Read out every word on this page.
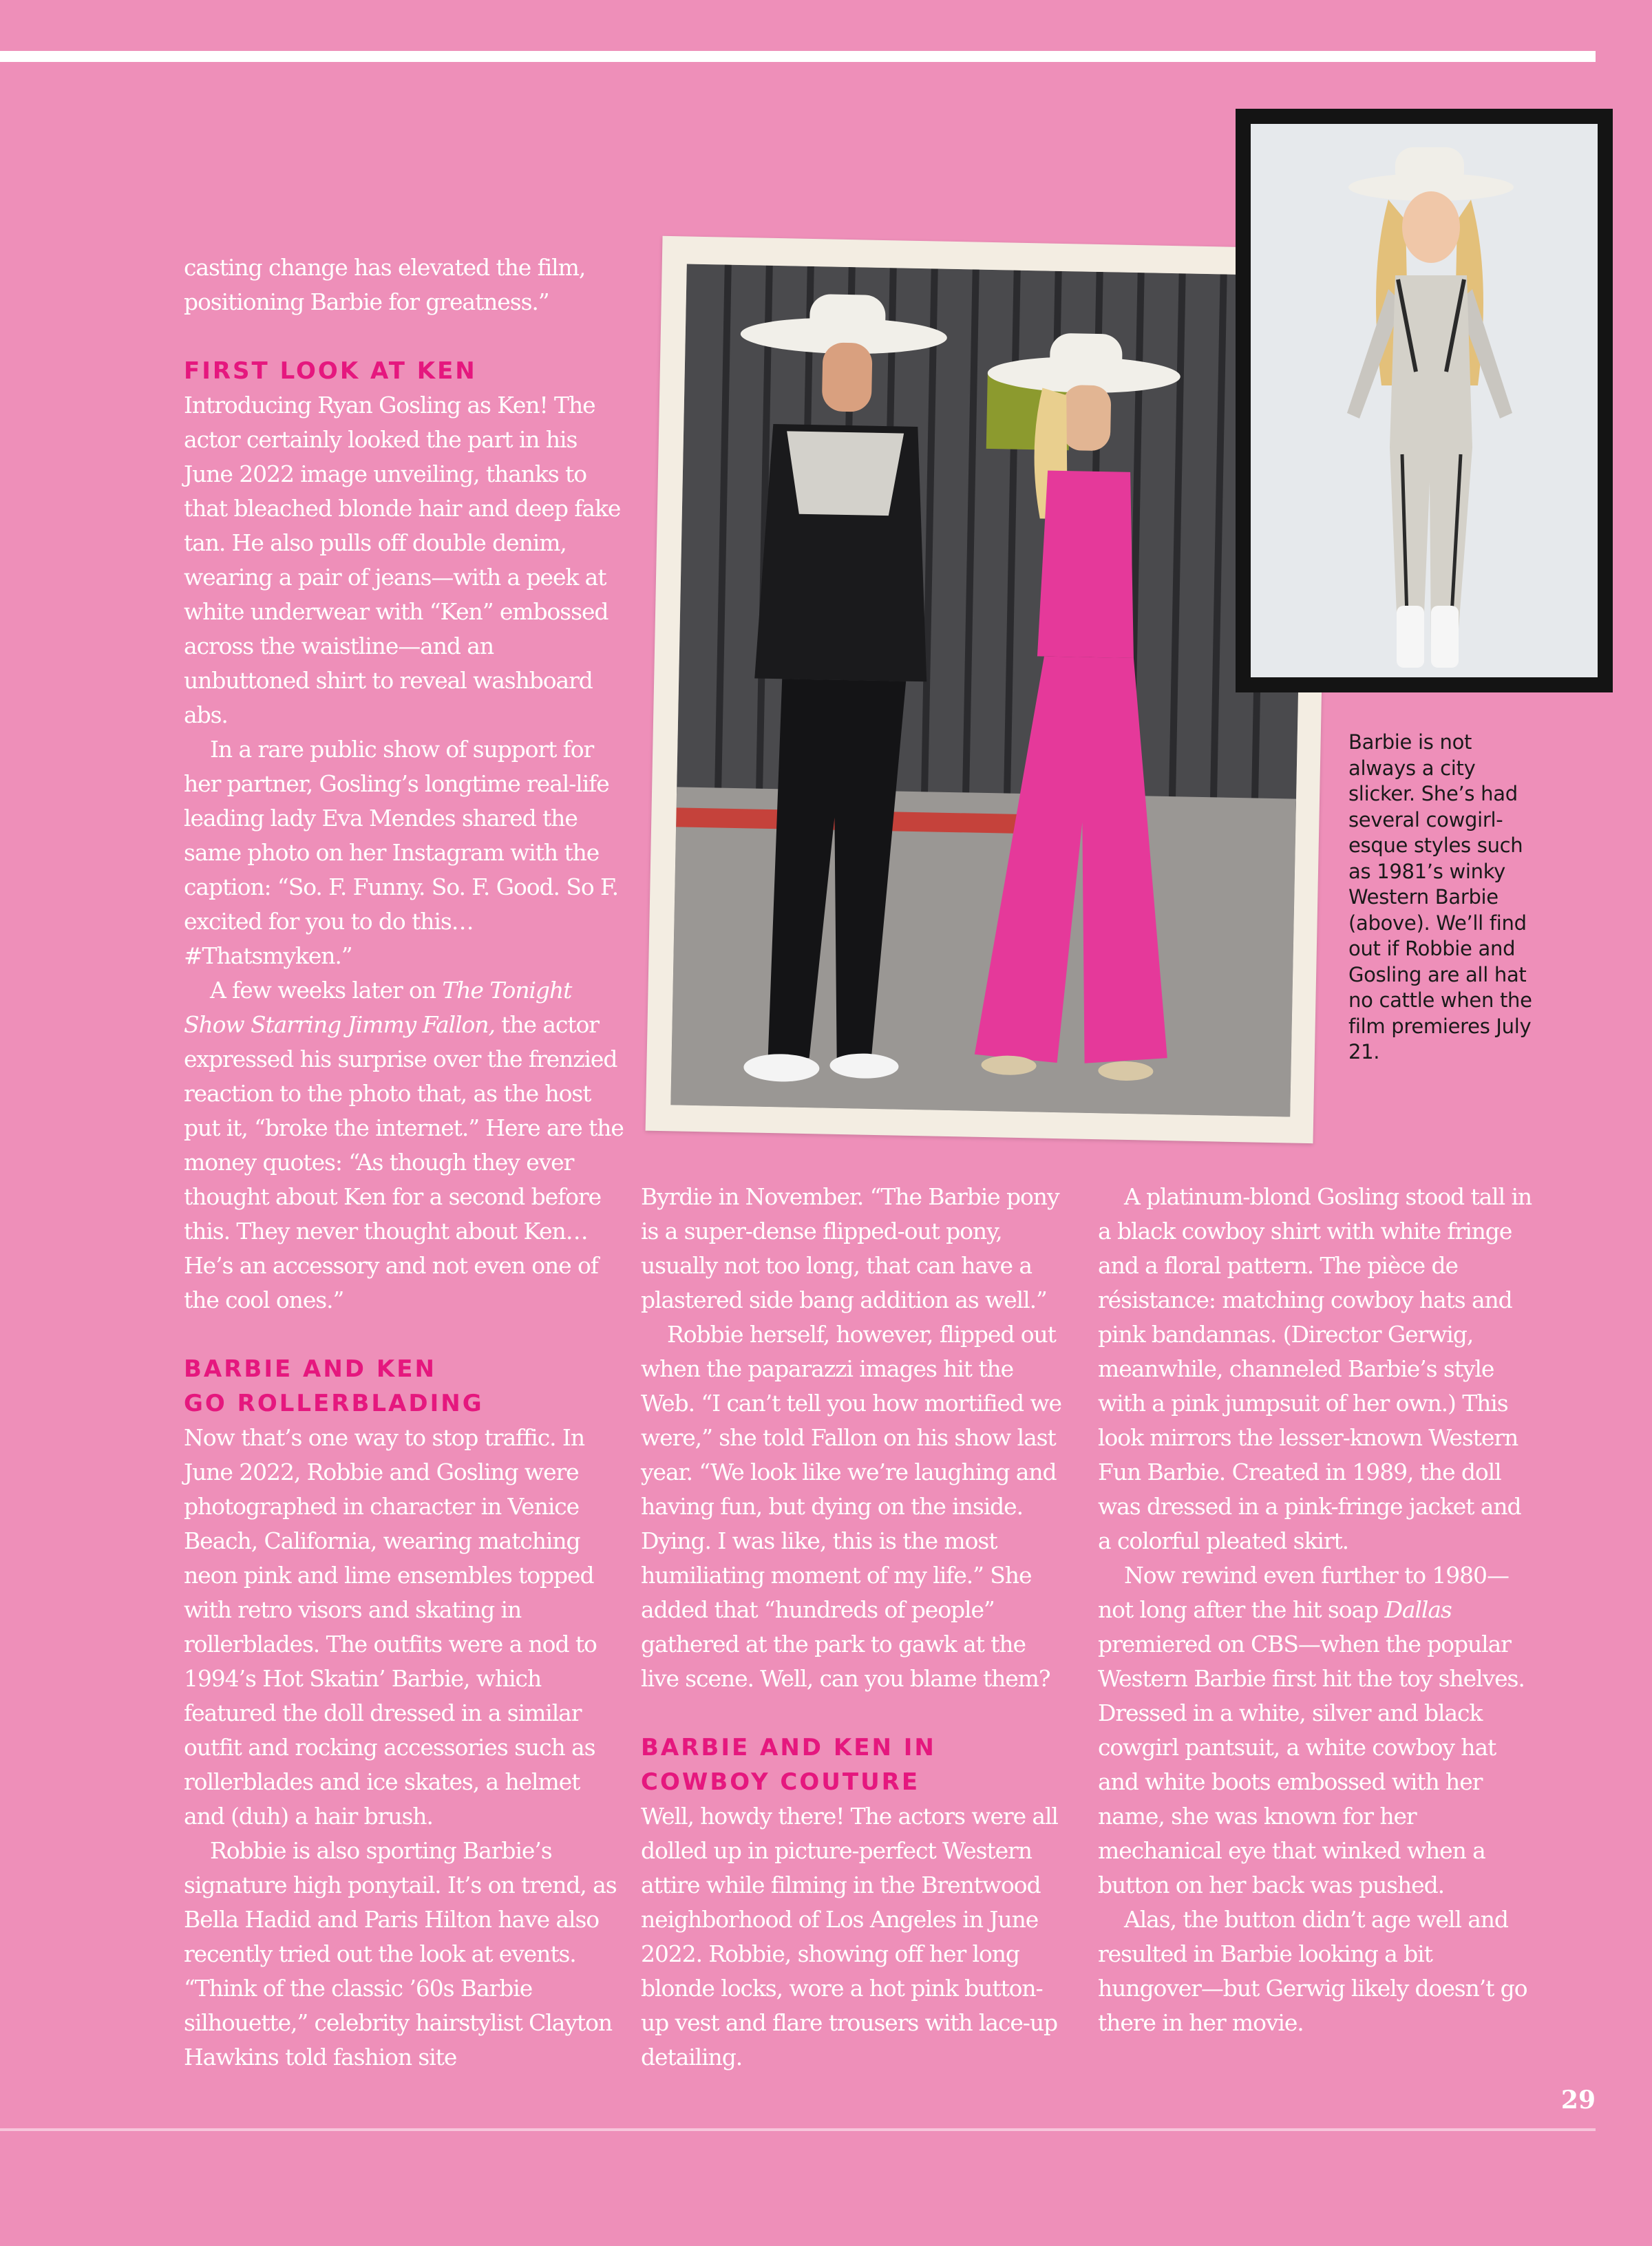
casting change has elevated the film, positioning Barbie for greatness.”

FIRST LOOK AT KEN

Introducing Ryan Gosling as Ken! The actor certainly looked the part in his June 2022 image unveiling, thanks to that bleached blonde hair and deep fake tan. He also pulls off double denim, wearing a pair of jeans—with a peek at white underwear with “Ken” embossed across the waistline—and an unbuttoned shirt to reveal washboard abs.

In a rare public show of support for her partner, Gosling’s longtime real-life leading lady Eva Mendes shared the same photo on her Instagram with the caption: “So. F. Funny. So. F. Good. So F. excited for you to do this… #Thatsmyken.”

A few weeks later on The Tonight Show Starring Jimmy Fallon, the actor expressed his surprise over the frenzied reaction to the photo that, as the host put it, “broke the internet.” Here are the money quotes: “As though they ever thought about Ken for a second before this. They never thought about Ken…He’s an accessory and not even one of the cool ones.”

BARBIE AND KEN
GO ROLLERBLADING

Now that’s one way to stop traffic. In June 2022, Robbie and Gosling were photographed in character in Venice Beach, California, wearing matching neon pink and lime ensembles topped with retro visors and skating in rollerblades. The outfits were a nod to 1994’s Hot Skatin’ Barbie, which featured the doll dressed in a similar outfit and rocking accessories such as rollerblades and ice skates, a helmet and (duh) a hair brush.

Robbie is also sporting Barbie’s signature high ponytail. It’s on trend, as Bella Hadid and Paris Hilton have also recently tried out the look at events. “Think of the classic ’60s Barbie silhouette,” celebrity hairstylist Clayton Hawkins told fashion site

Byrdie in November. “The Barbie pony is a super-dense flipped-out pony, usually not too long, that can have a plastered side bang addition as well.”

Robbie herself, however, flipped out when the paparazzi images hit the Web. “I can’t tell you how mortified we were,” she told Fallon on his show last year. “We look like we’re laughing and having fun, but dying on the inside. Dying. I was like, this is the most humiliating moment of my life.” She added that “hundreds of people” gathered at the park to gawk at the live scene. Well, can you blame them?

BARBIE AND KEN IN
COWBOY COUTURE

Well, howdy there! The actors were all dolled up in picture-perfect Western attire while filming in the Brentwood neighborhood of Los Angeles in June 2022. Robbie, showing off her long blonde locks, wore a hot pink button-up vest and flare trousers with lace-up detailing.

A platinum-blond Gosling stood tall in a black cowboy shirt with white fringe and a floral pattern. The pièce de résistance: matching cowboy hats and pink bandannas. (Director Gerwig, meanwhile, channeled Barbie’s style with a pink jumpsuit of her own.) This look mirrors the lesser-known Western Fun Barbie. Created in 1989, the doll was dressed in a pink-fringe jacket and a colorful pleated skirt.

Now rewind even further to 1980—not long after the hit soap Dallas premiered on CBS—when the popular Western Barbie first hit the toy shelves. Dressed in a white, silver and black cowgirl pantsuit, a white cowboy hat and white boots embossed with her name, she was known for her mechanical eye that winked when a button on her back was pushed.

Alas, the button didn’t age well and resulted in Barbie looking a bit hungover—but Gerwig likely doesn’t go there in her movie.

Barbie is not always a city slicker. She’s had several cowgirl-esque styles such as 1981’s winky Western Barbie (above). We’ll find out if Robbie and Gosling are all hat no cattle when the film premieres July 21.
29
